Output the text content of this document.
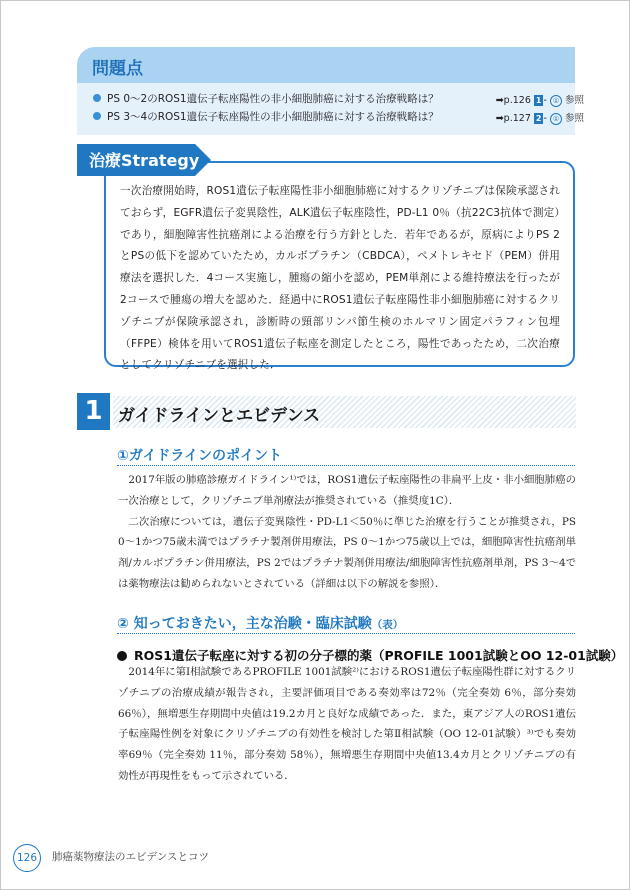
問題点
PS 0〜2のROS1遺伝子転座陽性の非小細胞肺癌に対する治療戦略は？	➡p.126 1 - ① 参照
PS 3〜4のROS1遺伝子転座陽性の非小細胞肺癌に対する治療戦略は？	➡p.127 2 - ① 参照
治療Strategy
一次治療開始時，ROS1遺伝子転座陽性非小細胞肺癌に対するクリゾチニブは保険承認されておらず，EGFR遺伝子変異陰性，ALK遺伝子転座陰性，PD-L1 0％（抗22C3抗体で測定）であり，細胞障害性抗癌剤による治療を行う方針とした．若年であるが，原病によりPS 2とPSの低下を認めていたため，カルボプラチン（CBDCA），ペメトレキセド（PEM）併用療法を選択した．4コース実施し，腫瘍の縮小を認め，PEM単剤による維持療法を行ったが2コースで腫瘍の増大を認めた．経過中にROS1遺伝子転座陽性非小細胞肺癌に対するクリゾチニブが保険承認され，診断時の頸部リンパ節生検のホルマリン固定パラフィン包埋（FFPE）検体を用いてROS1遺伝子転座を測定したところ，陽性であったため，二次治療としてクリゾチニブを選択した．
1 ガイドラインとエビデンス
①ガイドラインのポイント

2017年版の肺癌診療ガイドライン¹⁾では，ROS1遺伝子転座陽性の非扁平上皮・非小細胞肺癌の一次治療として，クリゾチニブ単剤療法が推奨されている（推奨度1C）．

二次治療については，遺伝子変異陰性・PD-L1＜50％に準じた治療を行うことが推奨され，PS 0〜1かつ75歳未満ではプラチナ製剤併用療法，PS 0〜1かつ75歳以上では，細胞障害性抗癌剤単剤/カルボプラチン併用療法，PS 2ではプラチナ製剤併用療法/細胞障害性抗癌剤単剤，PS 3〜4では薬物療法は勧められないとされている（詳細は以下の解説を参照）．

② 知っておきたい，主な治験・臨床試験（表）
ROS1遺伝子転座に対する初の分子標的薬（PROFILE 1001試験とOO 12-01試験）

2014年に第Ⅰ相試験であるPROFILE 1001試験²⁾におけるROS1遺伝子転座陽性群に対するクリゾチニブの治療成績が報告され，主要評価項目である奏効率は72％（完全奏効 6％，部分奏効 66％），無増悪生存期間中央値は19.2カ月と良好な成績であった．また，東アジア人のROS1遺伝子転座陽性例を対象にクリゾチニブの有効性を検討した第Ⅱ相試験（OO 12-01試験）³⁾でも奏効率69％（完全奏効 11％，部分奏効 58％），無増悪生存期間中央値13.4カ月とクリゾチニブの有効性が再現性をもって示されている．

126	肺癌薬物療法のエビデンスとコツ
